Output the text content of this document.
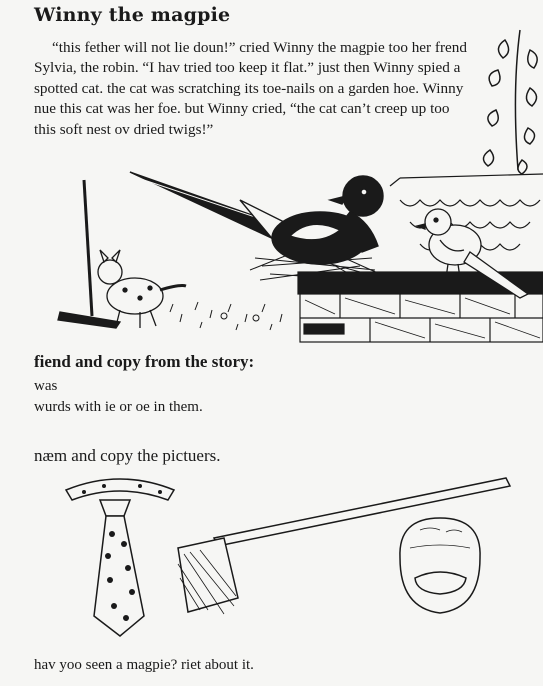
Winny the magpie

“this fether will not lie doun!” cried Winny the magpie too her frend Sylvia, the robin. “I hav tried too keep it flat.” just then Winny spied a spotted cat. the cat was scratching its toe-nails on a garden hoe. Winny nue this cat was her foe. but Winny cried, “the cat can’t creep up too this soft nest ov dried twigs!”

fiend and copy from the story:
was
wurds with ie or oe in them.
næm and copy the pictuers.
hav yoo seen a magpie? riet about it.
